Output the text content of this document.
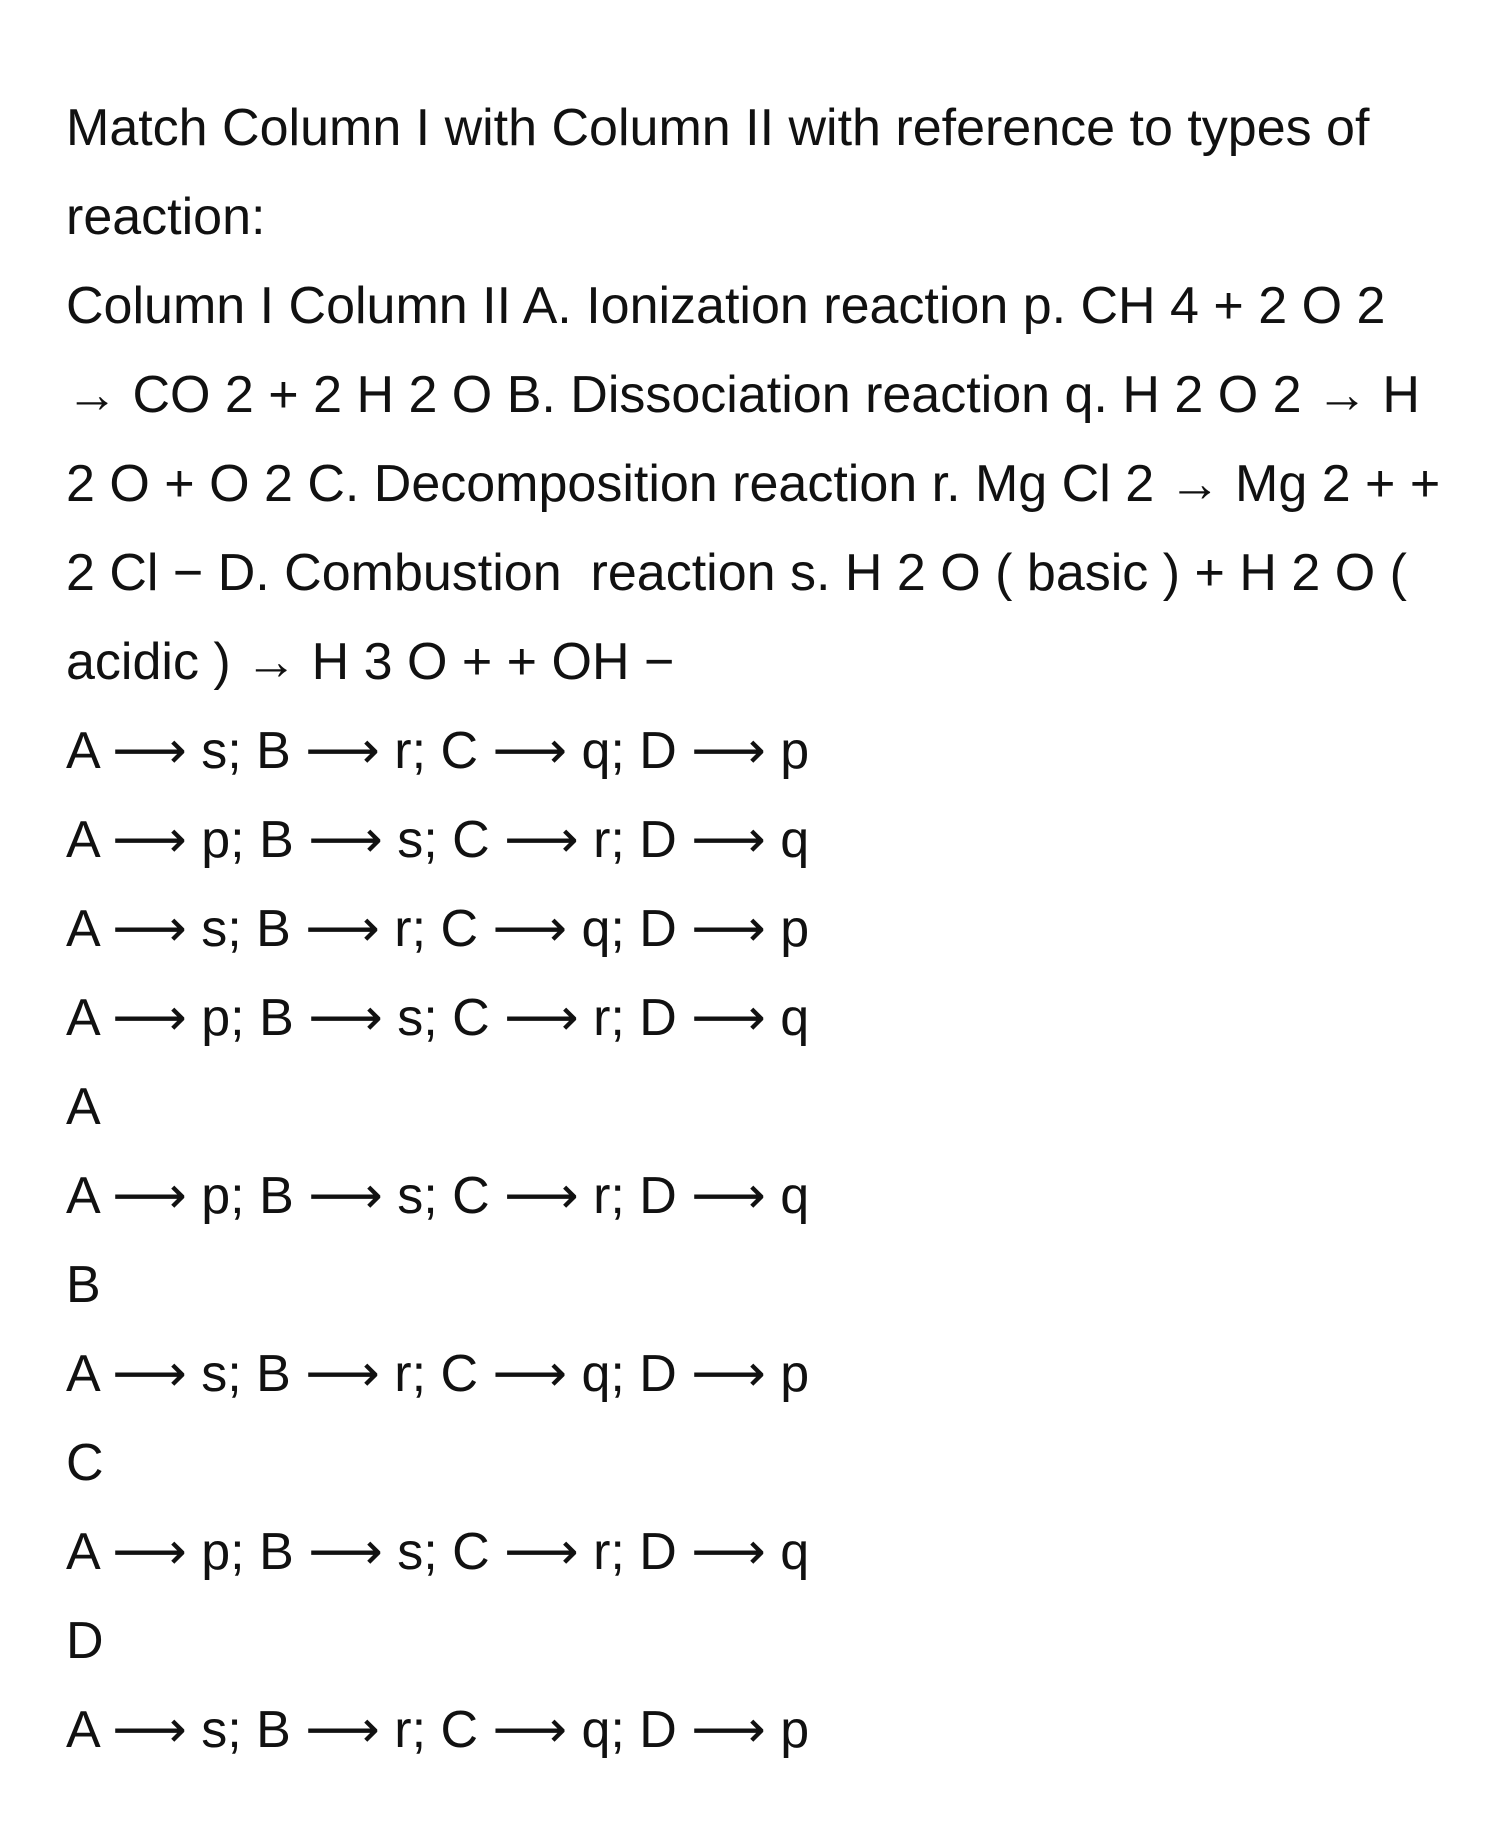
Match Column I with Column II with reference to types of reaction:

Column I Column II A. Ionization reaction p. CH 4 + 2 O 2 → CO 2 + 2 H 2 O B. Dissociation reaction q. H 2 O 2 → H 2 O + O 2 C. Decomposition reaction r. Mg Cl 2 → Mg 2 + + 2 Cl − D. Combustion  reaction s. H 2 O ( basic ) + H 2 O ( acidic ) → H 3 O + + OH −

A ⟶ s; B ⟶ r; C ⟶ q; D ⟶ p

A ⟶ p; B ⟶ s; C ⟶ r; D ⟶ q

A ⟶ s; B ⟶ r; C ⟶ q; D ⟶ p

A ⟶ p; B ⟶ s; C ⟶ r; D ⟶ q

A

A ⟶ p; B ⟶ s; C ⟶ r; D ⟶ q

B

A ⟶ s; B ⟶ r; C ⟶ q; D ⟶ p

C

A ⟶ p; B ⟶ s; C ⟶ r; D ⟶ q

D

A ⟶ s; B ⟶ r; C ⟶ q; D ⟶ p
